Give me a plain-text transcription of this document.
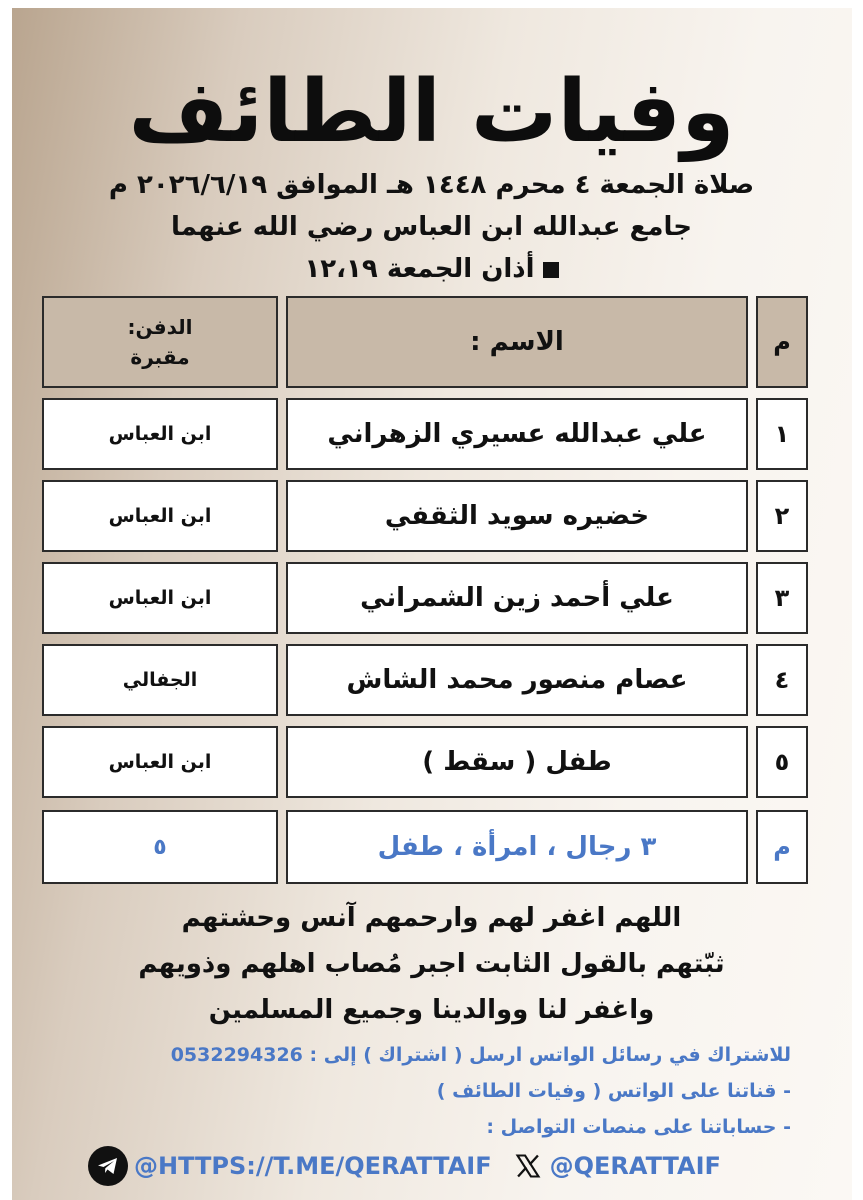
وفيات الطائف
صلاة الجمعة ٤ محرم ١٤٤٨ هـ الموافق ٢٠٢٦/٦/١٩ م
جامع عبدالله ابن العباس رضي الله عنهما
أذان الجمعة ١٢،١٩
م
الاسم :
الدفن:
مقبرة
١
علي عبدالله عسيري الزهراني
ابن العباس
٢
خضيره سويد الثقفي
ابن العباس
٣
علي أحمد زين الشمراني
ابن العباس
٤
عصام منصور محمد الشاش
الجفالي
٥
طفل ( سقط )
ابن العباس
م
٣ رجال ، امرأة ، طفل
٥
اللهم اغفر لهم وارحمهم آنس وحشتهم
ثبّتهم بالقول الثابت اجبر مُصاب اهلهم وذويهم
واغفر لنا ووالدينا وجميع المسلمين
للاشتراك في رسائل الواتس ارسل ( اشتراك ) إلى : 0532294326
- قناتنا على الواتس ( وفيات الطائف )
- حساباتنا على منصات التواصل :
@HTTPS://T.ME/QERATTAIF @QERATTAIF
